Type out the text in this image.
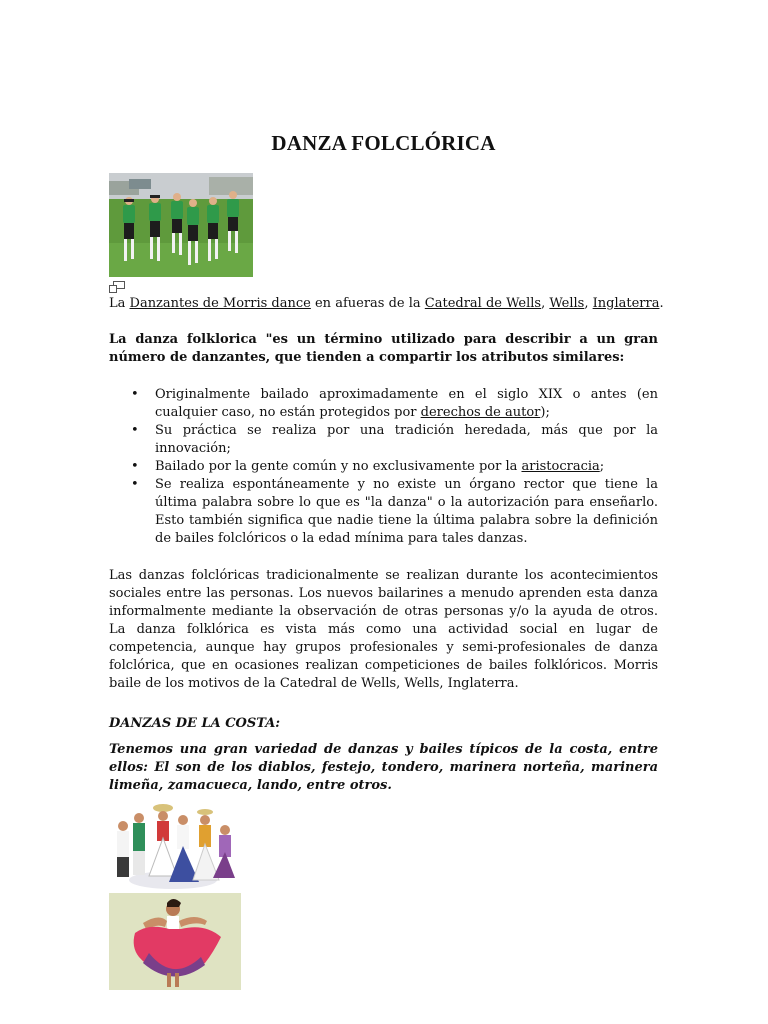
DANZA FOLCLÓRICA
La Danzantes de Morris dance en afueras de la Catedral de Wells, Wells, Inglaterra.
La danza folklorica "es un término utilizado para describir a un gran número de danzantes, que tienden a compartir los atributos similares:
• Originalmente bailado aproximadamente en el siglo XIX o antes (en cualquier caso, no están protegidos por derechos de autor);
• Su práctica se realiza por una tradición heredada, más que por la innovación;
• Bailado por la gente común y no exclusivamente por la aristocracia;
• Se realiza espontáneamente y no existe un órgano rector que tiene la última palabra sobre lo que es "la danza" o la autorización para enseñarlo. Esto también significa que nadie tiene la última palabra sobre la definición de bailes folclóricos o la edad mínima para tales danzas.
Las danzas folclóricas tradicionalmente se realizan durante los acontecimientos sociales entre las personas. Los nuevos bailarines a menudo aprenden esta danza informalmente mediante la observación de otras personas y/o la ayuda de otros. La danza folklórica es vista más como una actividad social en lugar de competencia, aunque hay grupos profesionales y semi-profesionales de danza folclórica, que en ocasiones realizan competiciones de bailes folklóricos. Morris baile de los motivos de la Catedral de Wells, Wells, Inglaterra.
DANZAS DE LA COSTA:
Tenemos una gran variedad de danzas y bailes típicos de la costa, entre ellos: El son de los diablos, festejo, tondero, marinera norteña, marinera limeña, zamacueca, lando, entre otros.
